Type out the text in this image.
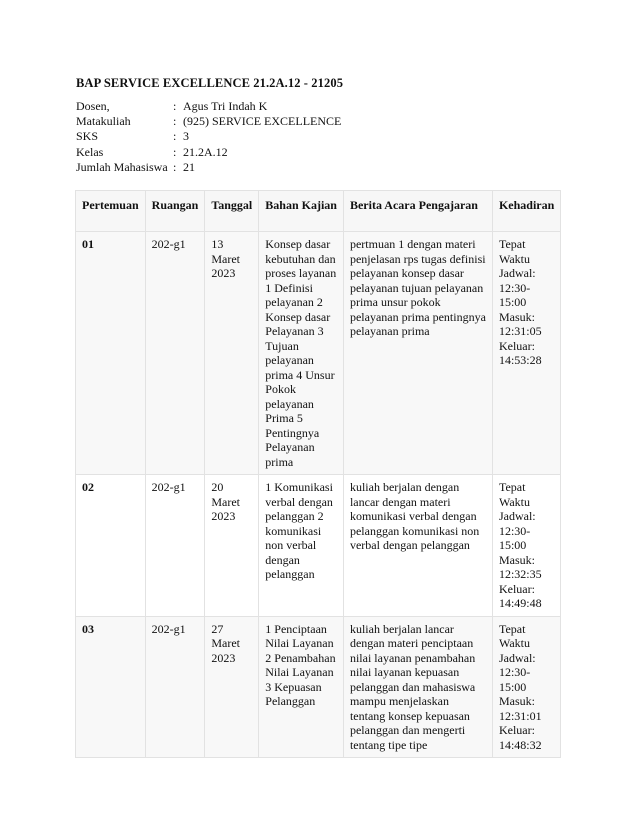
BAP SERVICE EXCELLENCE 21.2A.12 - 21205
Dosen,	:	Agus Tri Indah K
Matakuliah	:	(925) SERVICE EXCELLENCE
SKS	:	3
Kelas	:	21.2A.12
Jumlah Mahasiswa	:	21
Pertemuan	Ruangan	Tanggal	Bahan Kajian	Berita Acara Pengajaran	Kehadiran
01	202-g1	13 Maret 2023	Konsep dasar kebutuhan dan proses layanan 1 Definisi pelayanan 2 Konsep dasar Pelayanan 3 Tujuan pelayanan prima 4 Unsur Pokok pelayanan Prima 5 Pentingnya Pelayanan prima	pertmuan 1 dengan materi penjelasan rps tugas definisi pelayanan konsep dasar pelayanan tujuan pelayanan prima unsur pokok pelayanan prima pentingnya pelayanan prima	Tepat Waktu Jadwal: 12:30-15:00 Masuk: 12:31:05 Keluar: 14:53:28
02	202-g1	20 Maret 2023	1 Komunikasi verbal dengan pelanggan 2 komunikasi non verbal dengan pelanggan	kuliah berjalan dengan lancar dengan materi komunikasi verbal dengan pelanggan komunikasi non verbal dengan pelanggan	Tepat Waktu Jadwal: 12:30-15:00 Masuk: 12:32:35 Keluar: 14:49:48
03	202-g1	27 Maret 2023	1 Penciptaan Nilai Layanan 2 Penambahan Nilai Layanan 3 Kepuasan Pelanggan	kuliah berjalan lancar dengan materi penciptaan nilai layanan penambahan nilai layanan kepuasan pelanggan dan mahasiswa mampu menjelaskan tentang konsep kepuasan pelanggan dan mengerti tentang tipe tipe	Tepat Waktu Jadwal: 12:30-15:00 Masuk: 12:31:01 Keluar: 14:48:32
